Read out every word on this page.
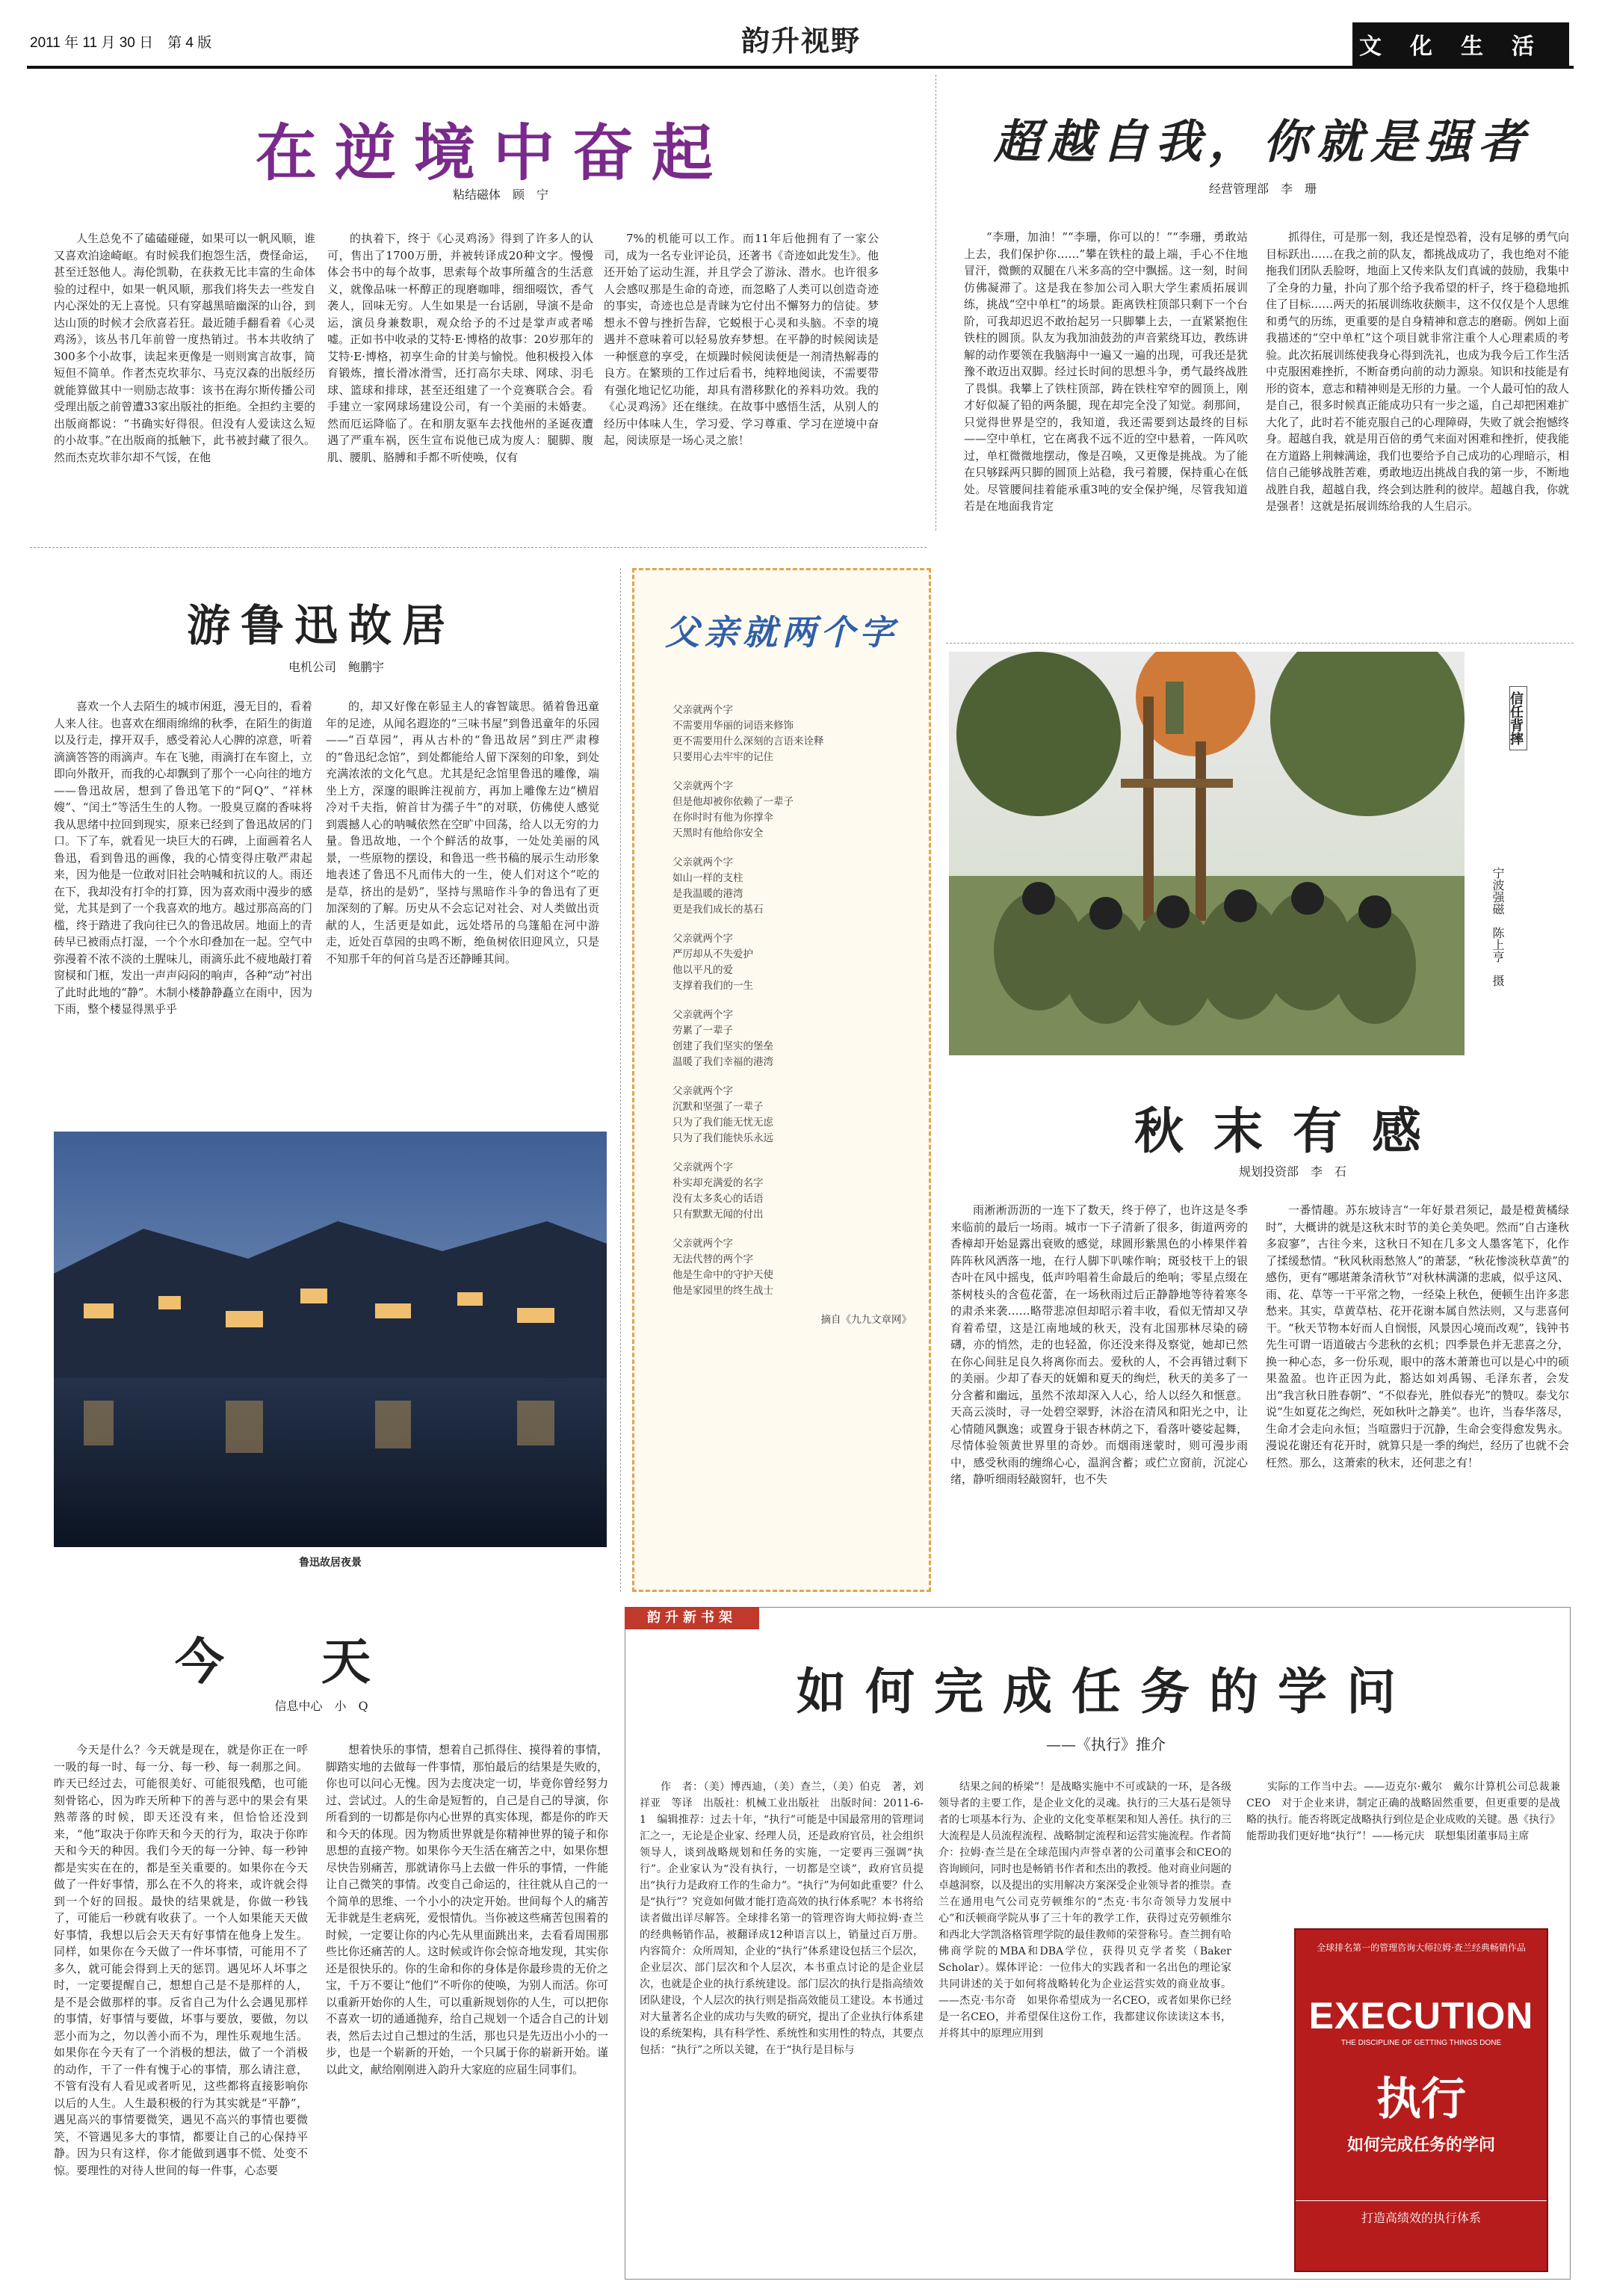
2011 年 11 月 30 日　第 4 版	韵升视野	文化生活
在逆境中奋起
粘结磁体　顾　宁
人生总免不了磕磕碰碰，如果可以一帆风顺，谁又喜欢泊途崎岖。有时候我们抱怨生活，费怪命运，甚至迁怒他人。海伦凯勒，在获救无比丰富的生命体验的过程中，如果一帆风顺，那我们将失去一些发自内心深处的无上喜悦。只有穿越黑暗幽深的山谷，到达山顶的时候才会欣喜若狂。最近随手翻看着《心灵鸡汤》，该丛书几年前曾一度热销过。书本共收纳了300多个小故事，读起来更像是一则则寓言故事，简短但不简单。作者杰克坎菲尔、马克汉森的出版经历就能算做其中一则励志故事：该书在海尔斯传播公司受理出版之前曾遭33家出版社的拒绝。全担约主要的出版商都说：“书确实好得很。但没有人爱读这么短的小故事。”在出版商的抵触下，此书被封藏了很久。然而杰克坎菲尔却不气馁，在他
的执着下，终于《心灵鸡汤》得到了许多人的认可，售出了1700万册，并被转译成20种文字。慢慢体会书中的每个故事，思索每个故事所蕴含的生活意义，就像品味一杯醇正的现磨咖啡，细细啜饮，香气袭人，回味无穷。人生如果是一台话剧，导演不是命运，演员身兼数职，观众给予的不过是掌声或者唏嘘。正如书中收录的艾特·E·博格的故事：20岁那年的艾特·E·博格，初享生命的甘美与愉悦。他积极投入体育锻炼，擅长滑冰滑雪，还打高尔夫球、网球、羽毛球、篮球和排球，甚至还组建了一个竞赛联合会。看手建立一家网球场建设公司，有一个美丽的未婚妻。然而厄运降临了。在和朋友驱车去找他州的圣诞夜遭遇了严重车祸，医生宣布说他已成为废人：腿脚、腹肌、腰肌、胳膊和手都不听使唤，仅有
7%的机能可以工作。而11年后他拥有了一家公司，成为一名专业评论员，还著书《奇迹如此发生》。他还开始了运动生涯，并且学会了游泳、潜水。也许很多人会感叹那是生命的奇迹，而忽略了人类可以创造奇迹的事实，奇迹也总是青睐为它付出不懈努力的信徒。梦想永不曾与挫折告辞，它蜕根于心灵和头脑。不幸的境遇并不意味着可以轻易放弃梦想。在平静的时候阅读是一种惬意的享受，在烦躁时候阅读便是一剂清热解毒的良方。在繁琐的工作过后看书，纯粹地阅读，不需要带有强化地记忆功能，却具有潜移默化的养料功效。我的《心灵鸡汤》还在继续。在故事中感悟生活，从别人的经历中体味人生，学习爱、学习尊重、学习在逆境中奋起，阅读原是一场心灵之旅！
超越自我，你就是强者
经营管理部　李　珊
“李珊，加油！”“李珊，你可以的！”“李珊，勇敢站上去，我们保护你……”攀在铁柱的最上端，手心不住地冒汗，微颤的双腿在八米多高的空中飘摇。这一刻，时间仿佛凝滞了。这是我在参加公司入职大学生素质拓展训练，挑战“空中单杠”的场景。距离铁柱顶部只剩下一个台阶，可我却迟迟不敢抬起另一只脚攀上去，一直紧紧抱住铁柱的圆顶。队友为我加油鼓劲的声音萦绕耳边，教练讲解的动作要领在我脑海中一遍又一遍的出现，可我还是犹豫不敢迈出双脚。经过长时间的思想斗争，勇气最终战胜了畏惧。我攀上了铁柱顶部，踌在铁柱窄窄的圆顶上，刚才好似凝了铅的两条腿，现在却完全没了知觉。刹那间，只觉得世界是空的，我知道，我还需要到达最终的目标——空中单杠，它在离我不远不近的空中悬着，一阵风吹过，单杠微微地摆动，像是召唤，又更像是挑战。为了能在只够踩两只脚的圆顶上站稳，我弓着腰，保持重心在低处。尽管腰间挂着能承重3吨的安全保护绳，尽管我知道若是在地面我肯定
抓得住，可是那一刻，我还是惶恐着，没有足够的勇气向目标跃出……在我之前的队友，都挑战成功了，我也绝对不能拖我们团队丢脸呀，地面上又传来队友们真诚的鼓励，我集中了全身的力量，扑向了那个给予我希望的杆子，终于稳稳地抓住了目标……两天的拓展训练收获颇丰，这不仅仅是个人思维和勇气的历练，更重要的是自身精神和意志的磨砺。例如上面我描述的“空中单杠”这个项目就非常注重个人心理素质的考验。此次拓展训练使我身心得到洗礼，也成为我今后工作生活中克服困难挫折，不断奋勇向前的动力源泉。知识和技能是有形的资本，意志和精神则是无形的力量。一个人最可怕的敌人是自己，很多时候真正能成功只有一步之遥，自己却把困难扩大化了，此时若不能克服自己的心理障碍，失败了就会抱憾终身。超越自我，就是用百倍的勇气来面对困难和挫折，使我能在方道路上荆棘满途，我们也要给予自己成功的心理暗示，相信自己能够战胜苦难，勇敢地迈出挑战自我的第一步，不断地战胜自我，超越自我，终会到达胜利的彼岸。超越自我，你就是强者！这就是拓展训练给我的人生启示。
信任背摔
宁波强磁　陈上亨　摄
游鲁迅故居
电机公司　鲍鹏宇
喜欢一个人去陌生的城市闲逛，漫无目的，看着人来人往。也喜欢在细雨绵绵的秋季，在陌生的街道以及行走，撑开双手，感受着沁人心脾的凉意，听着滴滴答答的雨滴声。车在飞驰，雨滴打在车窗上，立即向外散开，而我的心却飘到了那个一心向往的地方——鲁迅故居，想到了鲁迅笔下的“阿Q”、“祥林嫂”、“闰土”等活生生的人物。一股臭豆腐的香味将我从思绪中拉回到现实，原来已经到了鲁迅故居的门口。下了车，就看见一块巨大的石碑，上面画着名人鲁迅，看到鲁迅的画像，我的心情变得庄敬严肃起来，因为他是一位敢对旧社会呐喊和抗议的人。雨还在下，我却没有打伞的打算，因为喜欢雨中漫步的感觉，尤其是到了一个我喜欢的地方。越过那高高的门槛，终于踏进了我向往已久的鲁迅故居。地面上的青砖早已被雨点打湿，一个个水印叠加在一起。空气中弥漫着不浓不淡的土腥味儿，雨滴乐此不疲地敲打着窗棂和门框，发出一声声闷闷的响声，各种“动”衬出了此时此地的“静”。木制小楼静静矗立在雨中，因为下雨，整个楼显得黑乎乎
的，却又好像在彰显主人的睿智箴思。循着鲁迅童年的足迹，从闻名遐迩的“三味书屋”到鲁迅童年的乐园——“百草园”，再从古朴的“鲁迅故居”到庄严肃穆的“鲁迅纪念馆”，到处都能给人留下深刻的印象，到处充满浓浓的文化气息。尤其是纪念馆里鲁迅的雕像，端坐上方，深邃的眼眸注视前方，再加上雕像左边“横眉冷对千夫指，俯首甘为孺子牛”的对联，仿佛使人感觉到震撼人心的呐喊依然在空旷中回荡，给人以无穷的力量。鲁迅故地，一个个鲜活的故事，一处处美丽的风景，一些原物的摆设，和鲁迅一些书稿的展示生动形象地表述了鲁迅不凡而伟大的一生，使人们对这个“吃的是草，挤出的是奶”，坚持与黑暗作斗争的鲁迅有了更加深刻的了解。历史从不会忘记对社会、对人类做出贡献的人，生活更是如此，远处塔吊的乌篷船在河中游走，近处百草园的虫鸣不断，绝鱼树依旧迎风立，只是不知那千年的何首乌是否还静睡其间。
鲁迅故居夜景
父亲就两个字
父亲就两个字
不需要用华丽的词语来修饰
更不需要用什么深刻的言语来诠释
只要用心去牢牢的记住
父亲就两个字
但是他却被你依赖了一辈子
在你时时有他为你撑伞
天黑时有他给你安全
父亲就两个字
如山一样的支柱
是我温暖的港湾
更是我们成长的基石
父亲就两个字
严厉却从不失爱护
他以平凡的爱
支撑着我们的一生
父亲就两个字
劳累了一辈子
创建了我们坚实的堡垒
温暖了我们幸福的港湾
父亲就两个字
沉默和坚强了一辈子
只为了我们能无忧无虑
只为了我们能快乐永远
父亲就两个字
朴实却充满爱的名字
没有太多炙心的话语
只有默默无闻的付出
父亲就两个字
无法代替的两个字
他是生命中的守护天使
他是家园里的终生战士
摘自《九九文章网》
秋末有感
规划投资部　李　石
雨淅淅沥沥的一连下了数天，终于停了，也许这是冬季来临前的最后一场雨。城市一下子清新了很多，街道两旁的香樟却开始显露出衰败的感觉，球圆形紫黑色的小棒果伴着阵阵秋风洒落一地，在行人脚下叭嗦作响；斑驳枝干上的银杏叶在风中摇曳，低声吟唱着生命最后的绝响；零星点缀在茶树枝头的含苞花蕾，在一场秋雨过后正静静地等待着寒冬的肃杀来袭……略带悲凉但却昭示着丰收，看似无情却又孕育着希望，这是江南地域的秋天，没有北国那林尽染的磅礴，亦的悄然，走的也轻盈，你还没来得及察觉，她却已然在你心间驻足良久将离你而去。爱秋的人，不会再错过剩下的美丽。少却了春天的妩媚和夏天的绚烂，秋天的美多了一分含蓄和幽远，虽然不浓却深入人心，给人以经久和惬意。天高云淡时，寻一处碧空翠野，沐浴在清风和阳光之中，让心情随风飘逸；或置身于银杏林荫之下，看落叶婆娑起舞，尽情体验领黄世界里的奇妙。而烟雨迷蒙时，则可漫步雨中，感受秋雨的缠绵心心，温润含蓄；或伫立窗前，沉淀心绪，静听细雨轻敲窗轩，也不失
一番情趣。苏东坡诗言“一年好景君须记，最是橙黄橘绿时”，大概讲的就是这秋末时节的美仑美奂吧。然而“自古逢秋多寂寥”，古往今来，这秋日不知在几多文人墨客笔下，化作了揉缓愁情。“秋风秋雨愁煞人”的萧瑟，“秋花惨淡秋草黄”的感伤，更有“哪堪萧条清秋节”对秋林满潇的悲戚，似乎这风、雨、花、草等一干平常之物，一经染上秋色，便顿生出许多悲愁来。其实，草黄草枯、花开花谢本属自然法则，又与悲喜何干。“秋天节物本好而人自悯悵，风景因心境而改观”，钱钟书先生可谓一语道破古今悲秋的玄机；四季景色并无悲喜之分，换一种心态，多一份乐观，眼中的落木萧萧也可以是心中的硕果盈盈。也许正因为此，豁达如刘禹锡、毛泽东者，会发出“我言秋日胜春朝”、“不似春光，胜似春光”的赞叹。泰戈尔说“生如夏花之绚烂，死如秋叶之静美”。也许，当春华落尽，生命才会走向永恒；当喧嚣归于沉静，生命会变得愈发隽永。漫说花谢还有花开时，就算只是一季的绚烂，经历了也就不会枉然。那么，这萧索的秋末，还何悲之有！
今天
信息中心　小　Q
今天是什么？今天就是现在，就是你正在一呼一吸的每一时、每一分、每一秒、每一刹那之间。昨天已经过去，可能很美好、可能很残酷，也可能刻骨铭心，因为昨天所种下的善与恶中的果会有果熟蒂落的时候，即天还没有来，但恰恰还没到来，“他”取决于你昨天和今天的行为，取决于你昨天和今天的种因。我们今天的每一分钟、每一秒钟都是实实在在的，都是至关重要的。如果你在今天做了一件好事情，那么在不久的将来，或许就会得到一个好的回报。最快的结果就是，你做一秒钱了，可能后一秒就有收获了。一个人如果能天天做好事情，我想以后会天天有好事情在他身上发生。同样，如果你在今天做了一件坏事情，可能用不了多久，就可能会得到上天的惩罚。遇见坏人坏事之时，一定要提醒自己，想想自己是不是那样的人，是不是会做那样的事。反省自己为什么会遇见那样的事情，好事情与要做，坏事与要放，要做，勿以恶小而为之，勿以善小而不为，理性乐观地生活。如果你在今天有了一个消极的想法，做了一个消极的动作，干了一件有愧于心的事情，那么请注意，不管有没有人看见或者听见，这些都将直接影响你以后的人生。人生最积极的行为其实就是“平静”，遇见高兴的事情要微笑，遇见不高兴的事情也要微笑，不管遇见多大的事情，都要让自己的心保持平静。因为只有这样，你才能做到遇事不慌、处变不惊。要理性的对待人世间的每一件事，心态要
想着快乐的事情，想着自己抓得住、摸得着的事情，脚踏实地的去做每一件事情，那怕最后的结果是失败的，你也可以问心无愧。因为去度决定一切，毕竟你曾经努力过、尝试过。人的生命是短暂的，自己是自己的导演，你所看到的一切都是你内心世界的真实体现，都是你的昨天和今天的体现。因为物质世界就是你精神世界的镜子和你思想的直接产物。如果你今天生活在痛苦之中，如果你想尽快告别痛苦，那就请你马上去做一件乐的事情，一件能让自己微笑的事情。改变自己命运的，往往就从自己的一个简单的思维、一个小小的决定开始。世间每个人的痛苦无非就是生老病死，爱恨情仇。当你被这些痛苦包围着的时候，一定要让你的内心先从里面跳出来，去看看周围那些比你还痛苦的人。这时候或许你会惊奇地发现，其实你还是很快乐的。你的生命和你的身体是你最珍贵的无价之宝，千万不要让“他们”不听你的使唤，为别人而活。你可以重新开始你的人生，可以重新规划你的人生，可以把你不喜欢一切的通通抛弃，给自己规划一个适合自己的计划表，然后去过自己想过的生活，那也只是先迈出小小的一步，也是一个崭新的开始，一个只属于你的崭新开始。谨以此文，献给刚刚进入韵升大家庭的应届生同事们。
韵升新书架
如何完成任务的学问
——《执行》推介
作　者：（美）博西迪，（美）查兰，（美）伯克　著，刘祥亚　等译　出版社：机械工业出版社　出版时间：2011-6-1　编辑推荐：过去十年，“执行”可能是中国最常用的管理词汇之一，无论是企业家、经理人员，还是政府官员，社会组织领导人，谈到战略规划和任务的实施，一定要再三强调“执行”。企业家认为“没有执行，一切都是空谈”，政府官员提出“执行力是政府工作的生命力”。“执行”为何如此重要？什么是“执行”？究竟如何做才能打造高效的执行体系呢？本书将给读者做出详尽解答。全球排名第一的管理咨询大师拉姆·查兰的经典畅销作品，被翻译成12种语言以上，销量过百万册。内容简介：众所周知，企业的“执行”体系建设包括三个层次，企业层次、部门层次和个人层次，本书重点讨论的是企业层次，也就是企业的执行系统建设。部门层次的执行是指高绩效团队建设，个人层次的执行则是指高效能员工建设。本书通过对大量著名企业的成功与失败的研究，提出了企业执行体系建设的系统架构，具有科学性、系统性和实用性的特点，其要点包括：“执行”之所以关键，在于“执行是目标与
结果之间的桥梁”！是战略实施中不可或缺的一环，是各级领导者的主要工作，是企业文化的灵魂。执行的三大基石是领导者的七项基本行为、企业的文化变革框架和知人善任。执行的三大流程是人员流程流程、战略制定流程和运营实施流程。作者简介：拉姆·查兰是在全球范围内声誉卓著的公司董事会和CEO的咨询顾问，同时也是畅销书作者和杰出的教授。他对商业问题的卓越洞察，以及提出的实用解决方案深受企业领导者的推崇。查兰在通用电气公司克劳顿维尔的“杰克·韦尔奇领导力发展中心”和沃顿商学院从事了三十年的教学工作，获得过克劳顿维尔和西北大学凯洛格管理学院的最佳教师的荣誉称号。查兰拥有哈佛商学院的MBA和DBA学位，获得贝克学者奖（Baker Scholar）。媒体评论：一位伟大的实践者和一名出色的理论家共同讲述的关于如何将战略转化为企业运营实效的商业故事。——杰克·韦尔奇　如果你希望成为一名CEO，或者如果你已经是一名CEO，并希望保住这份工作，我都建议你读读这本书，并将其中的原理应用到
实际的工作当中去。——迈克尔·戴尔　戴尔计算机公司总裁兼CEO　对于企业来讲，制定正确的战略固然重要，但更重要的是战略的执行。能否将既定战略执行到位是企业成败的关键。愚《执行》能帮助我们更好地“执行”！——杨元庆　联想集团董事局主席
全球排名第一的管理咨询大师拉姆·查兰经典畅销作品
EXECUTION
THE DISCIPLINE OF GETTING THINGS DONE
执行
如何完成任务的学问
打造高绩效的执行体系
